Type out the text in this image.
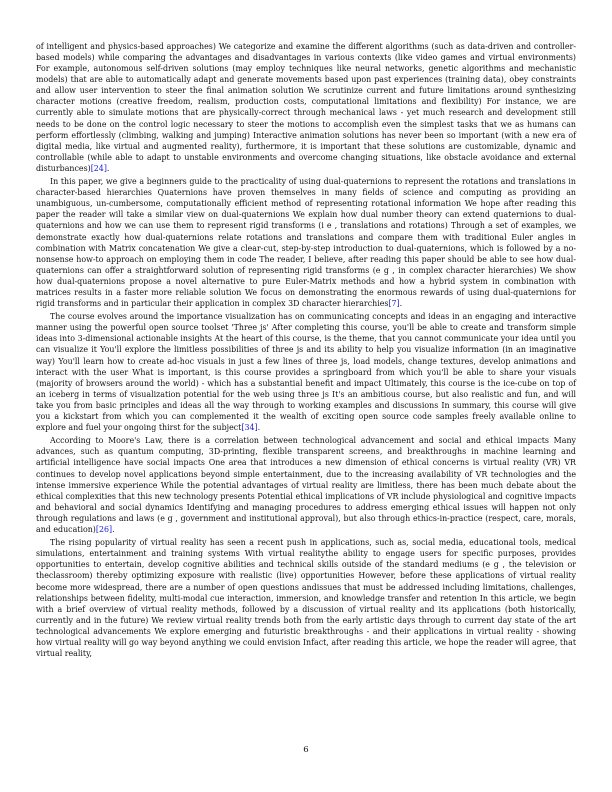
of intelligent and physics-based approaches) We categorize and examine the different algorithms (such as data-driven and controller-based models) while comparing the advantages and disadvantages in various contexts (like video games and virtual environments) For example, autonomous self-driven solutions (may employ techniques like neural networks, genetic algorithms and mechanistic models) that are able to automatically adapt and generate movements based upon past experiences (training data), obey constraints and allow user intervention to steer the final animation solution We scrutinize current and future limitations around synthesizing character motions (creative freedom, realism, production costs, computational limitations and flexibility) For instance, we are currently able to simulate motions that are physically-correct through mechanical laws - yet much research and development still needs to be done on the control logic necessary to steer the motions to accomplish even the simplest tasks that we as humans can perform effortlessly (climbing, walking and jumping) Interactive animation solutions has never been so important (with a new era of digital media, like virtual and augmented reality), furthermore, it is important that these solutions are customizable, dynamic and controllable (while able to adapt to unstable environments and overcome changing situations, like obstacle avoidance and external disturbances)[24].

In this paper, we give a beginners guide to the practicality of using dual-quaternions to represent the rotations and translations in character-based hierarchies Quaternions have proven themselves in many fields of science and computing as providing an unambiguous, un-cumbersome, computationally efficient method of representing rotational information We hope after reading this paper the reader will take a similar view on dual-quaternions We explain how dual number theory can extend quaternions to dual-quaternions and how we can use them to represent rigid transforms (i e , translations and rotations) Through a set of examples, we demonstrate exactly how dual-quaternions relate rotations and translations and compare them with traditional Euler angles in combination with Matrix concatenation We give a clear-cut, step-by-step introduction to dual-quaternions, which is followed by a no-nonsense how-to approach on employing them in code The reader, I believe, after reading this paper should be able to see how dual-quaternions can offer a straightforward solution of representing rigid transforms (e g , in complex character hierarchies) We show how dual-quaternions propose a novel alternative to pure Euler-Matrix methods and how a hybrid system in combination with matrices results in a faster more reliable solution We focus on demonstrating the enormous rewards of using dual-quaternions for rigid transforms and in particular their application in complex 3D character hierarchies[7].

The course evolves around the importance visualization has on communicating concepts and ideas in an engaging and interactive manner using the powerful open source toolset 'Three js' After completing this course, you'll be able to create and transform simple ideas into 3-dimensional actionable insights At the heart of this course, is the theme, that you cannot communicate your idea until you can visualize it You'll explore the limitless possibilities of three js and its ability to help you visualize information (in an imaginative way) You'll learn how to create ad-hoc visuals in just a few lines of three js, load models, change textures, develop animations and interact with the user What is important, is this course provides a springboard from which you'll be able to share your visuals (majority of browsers around the world) - which has a substantial benefit and impact Ultimately, this course is the ice-cube on top of an iceberg in terms of visualization potential for the web using three js It's an ambitious course, but also realistic and fun, and will take you from basic principles and ideas all the way through to working examples and discussions In summary, this course will give you a kickstart from which you can complemented it the wealth of exciting open source code samples freely available online to explore and fuel your ongoing thirst for the subject[34].

According to Moore's Law, there is a correlation between technological advancement and social and ethical impacts Many advances, such as quantum computing, 3D-printing, flexible transparent screens, and breakthroughs in machine learning and artificial intelligence have social impacts One area that introduces a new dimension of ethical concerns is virtual reality (VR) VR continues to develop novel applications beyond simple entertainment, due to the increasing availability of VR technologies and the intense immersive experience While the potential advantages of virtual reality are limitless, there has been much debate about the ethical complexities that this new technology presents Potential ethical implications of VR include physiological and cognitive impacts and behavioral and social dynamics Identifying and managing procedures to address emerging ethical issues will happen not only through regulations and laws (e g , government and institutional approval), but also through ethics-in-practice (respect, care, morals, and education)[26].

The rising popularity of virtual reality has seen a recent push in applications, such as, social media, educational tools, medical simulations, entertainment and training systems With virtual realitythe ability to engage users for specific purposes, provides opportunities to entertain, develop cognitive abilities and technical skills outside of the standard mediums (e g , the television or theclassroom) thereby optimizing exposure with realistic (live) opportunities However, before these applications of virtual reality become more widespread, there are a number of open questions andissues that must be addressed including limitations, challenges, relationships between fidelity, multi-modal cue interaction, immersion, and knowledge transfer and retention In this article, we begin with a brief overview of virtual reality methods, followed by a discussion of virtual reality and its applications (both historically, currently and in the future) We review virtual reality trends both from the early artistic days through to current day state of the art technological advancements We explore emerging and futuristic breakthroughs - and their applications in virtual reality - showing how virtual reality will go way beyond anything we could envision Infact, after reading this article, we hope the reader will agree, that virtual reality,

6
